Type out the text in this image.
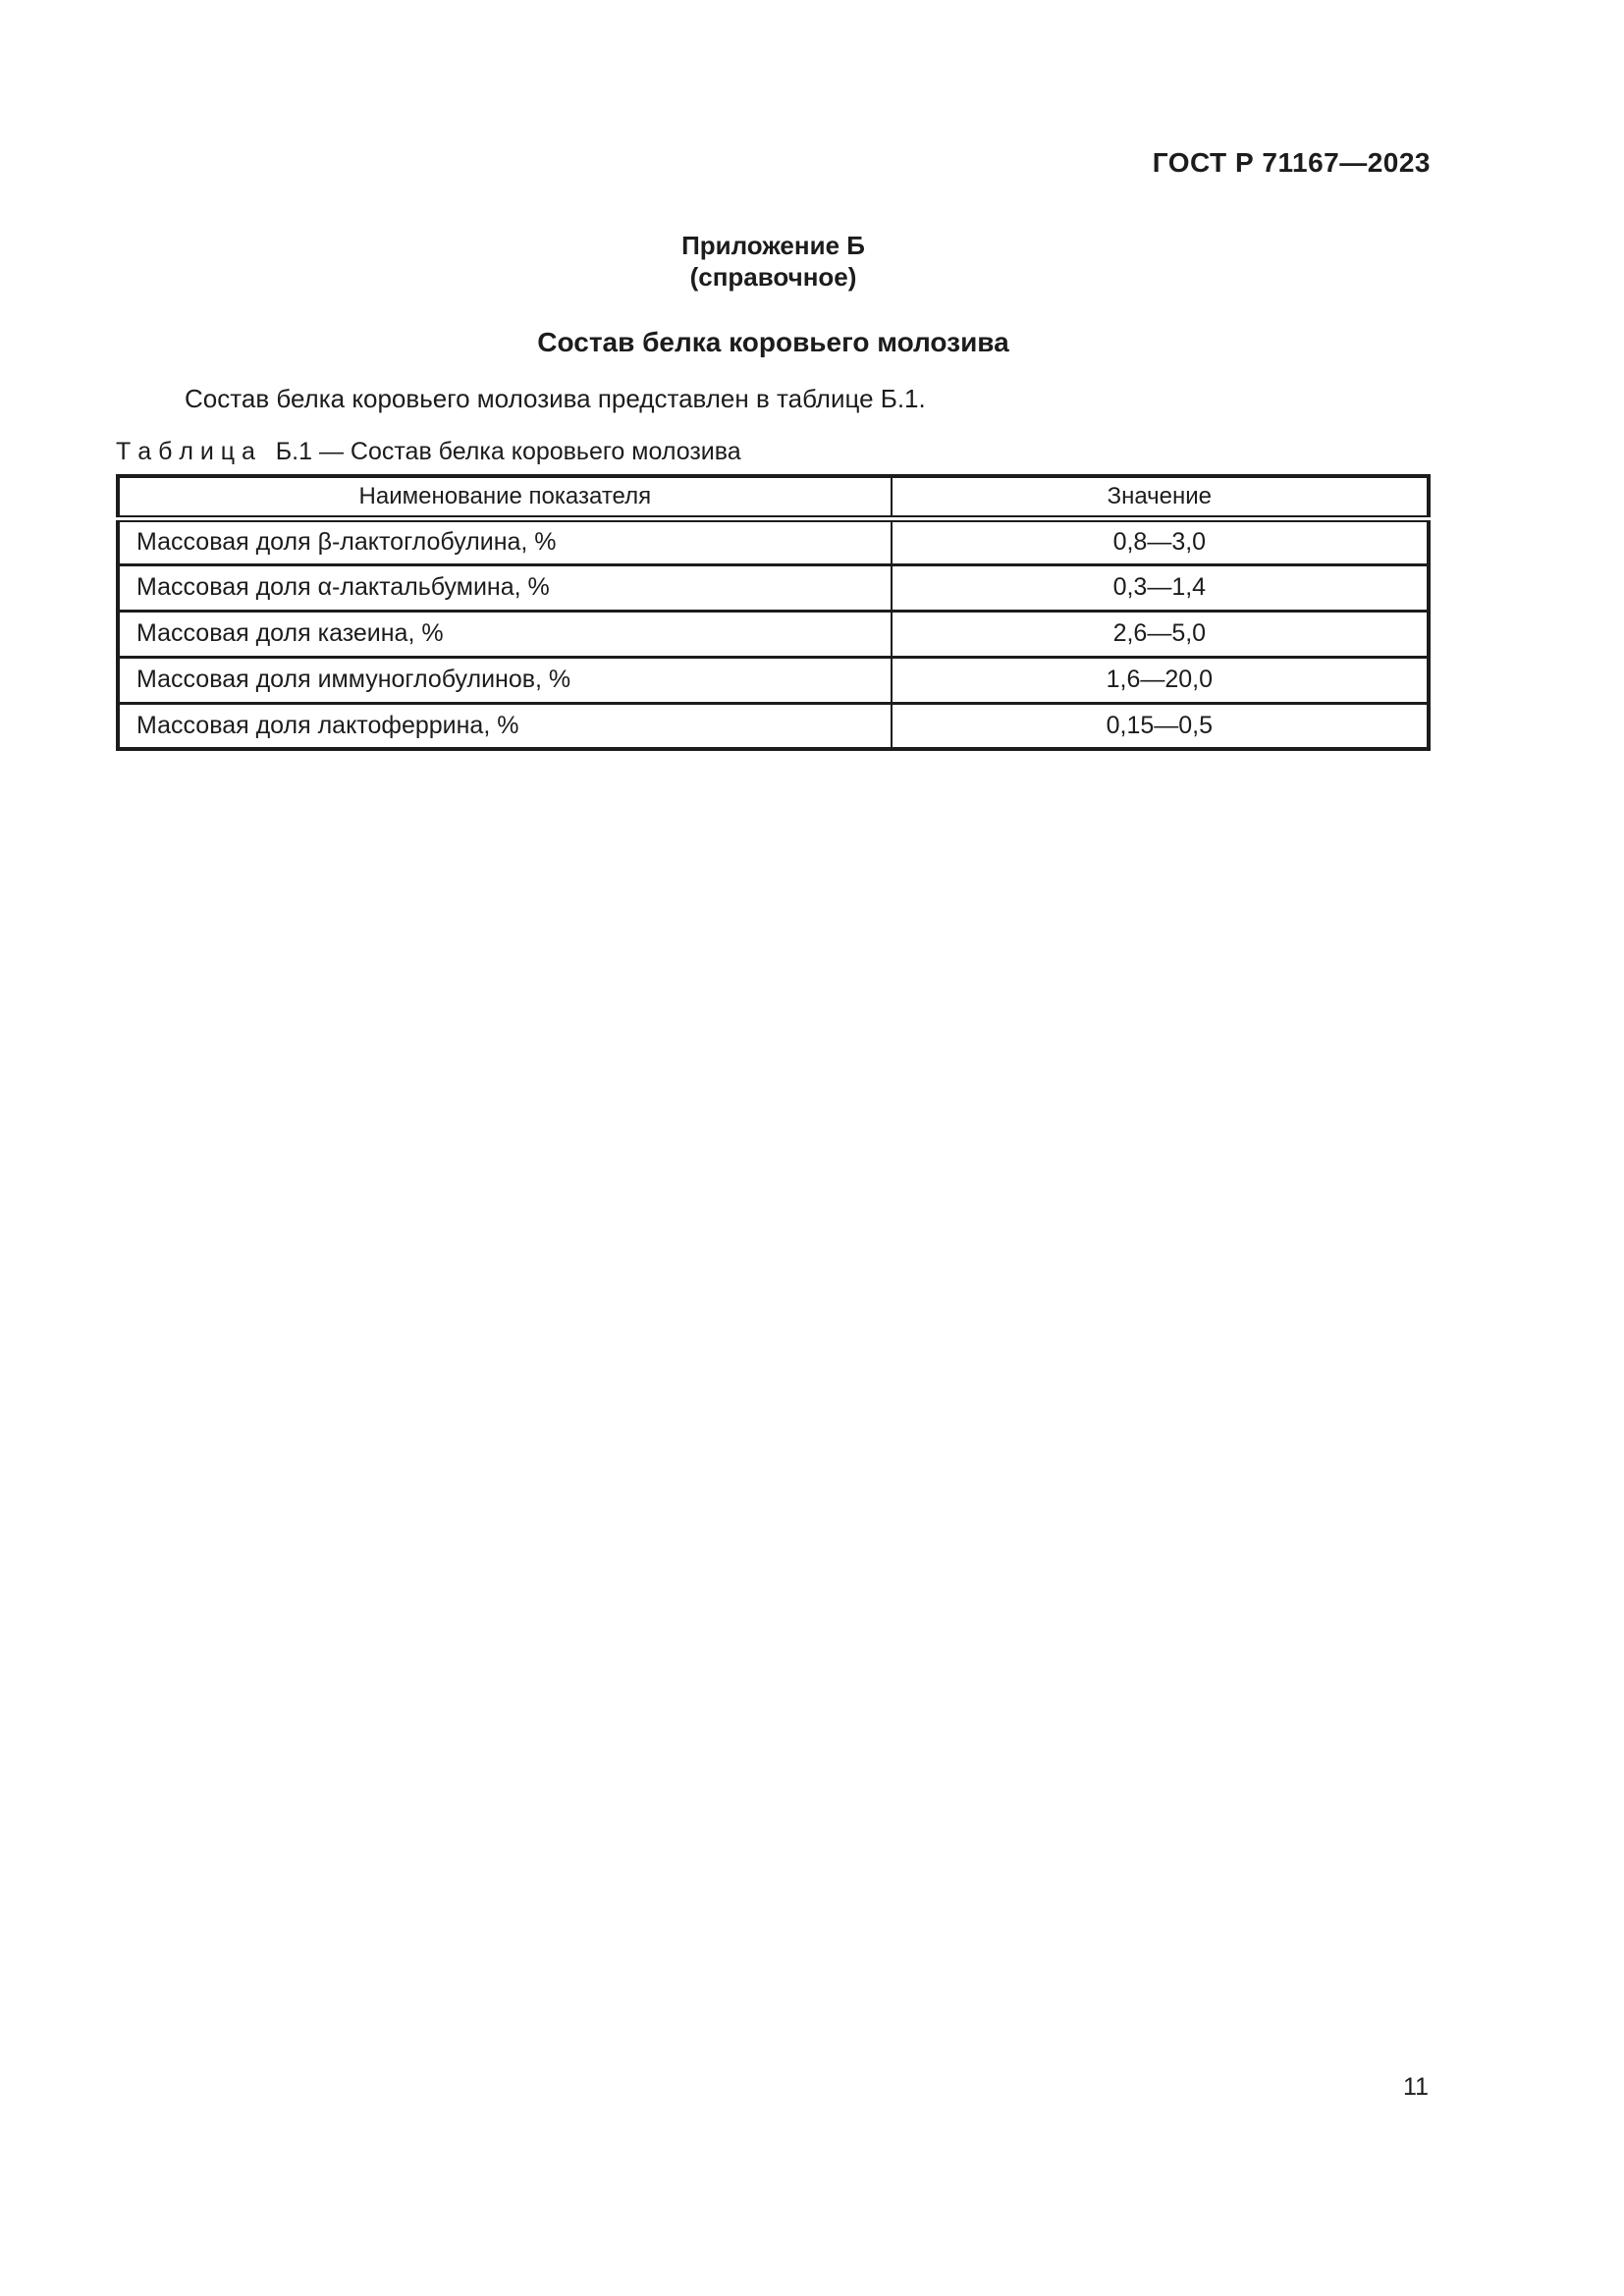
ГОСТ Р 71167—2023
Приложение Б
(справочное)
Состав белка коровьего молозива
Состав белка коровьего молозива представлен в таблице Б.1.
Т а б л и ц а   Б.1 — Состав белка коровьего молозива
Наименование показателя	Значение
Массовая доля β-лактоглобулина, %	0,8—3,0
Массовая доля α-лактальбумина, %	0,3—1,4
Массовая доля казеина, %	2,6—5,0
Массовая доля иммуноглобулинов, %	1,6—20,0
Массовая доля лактоферрина, %	0,15—0,5
11
